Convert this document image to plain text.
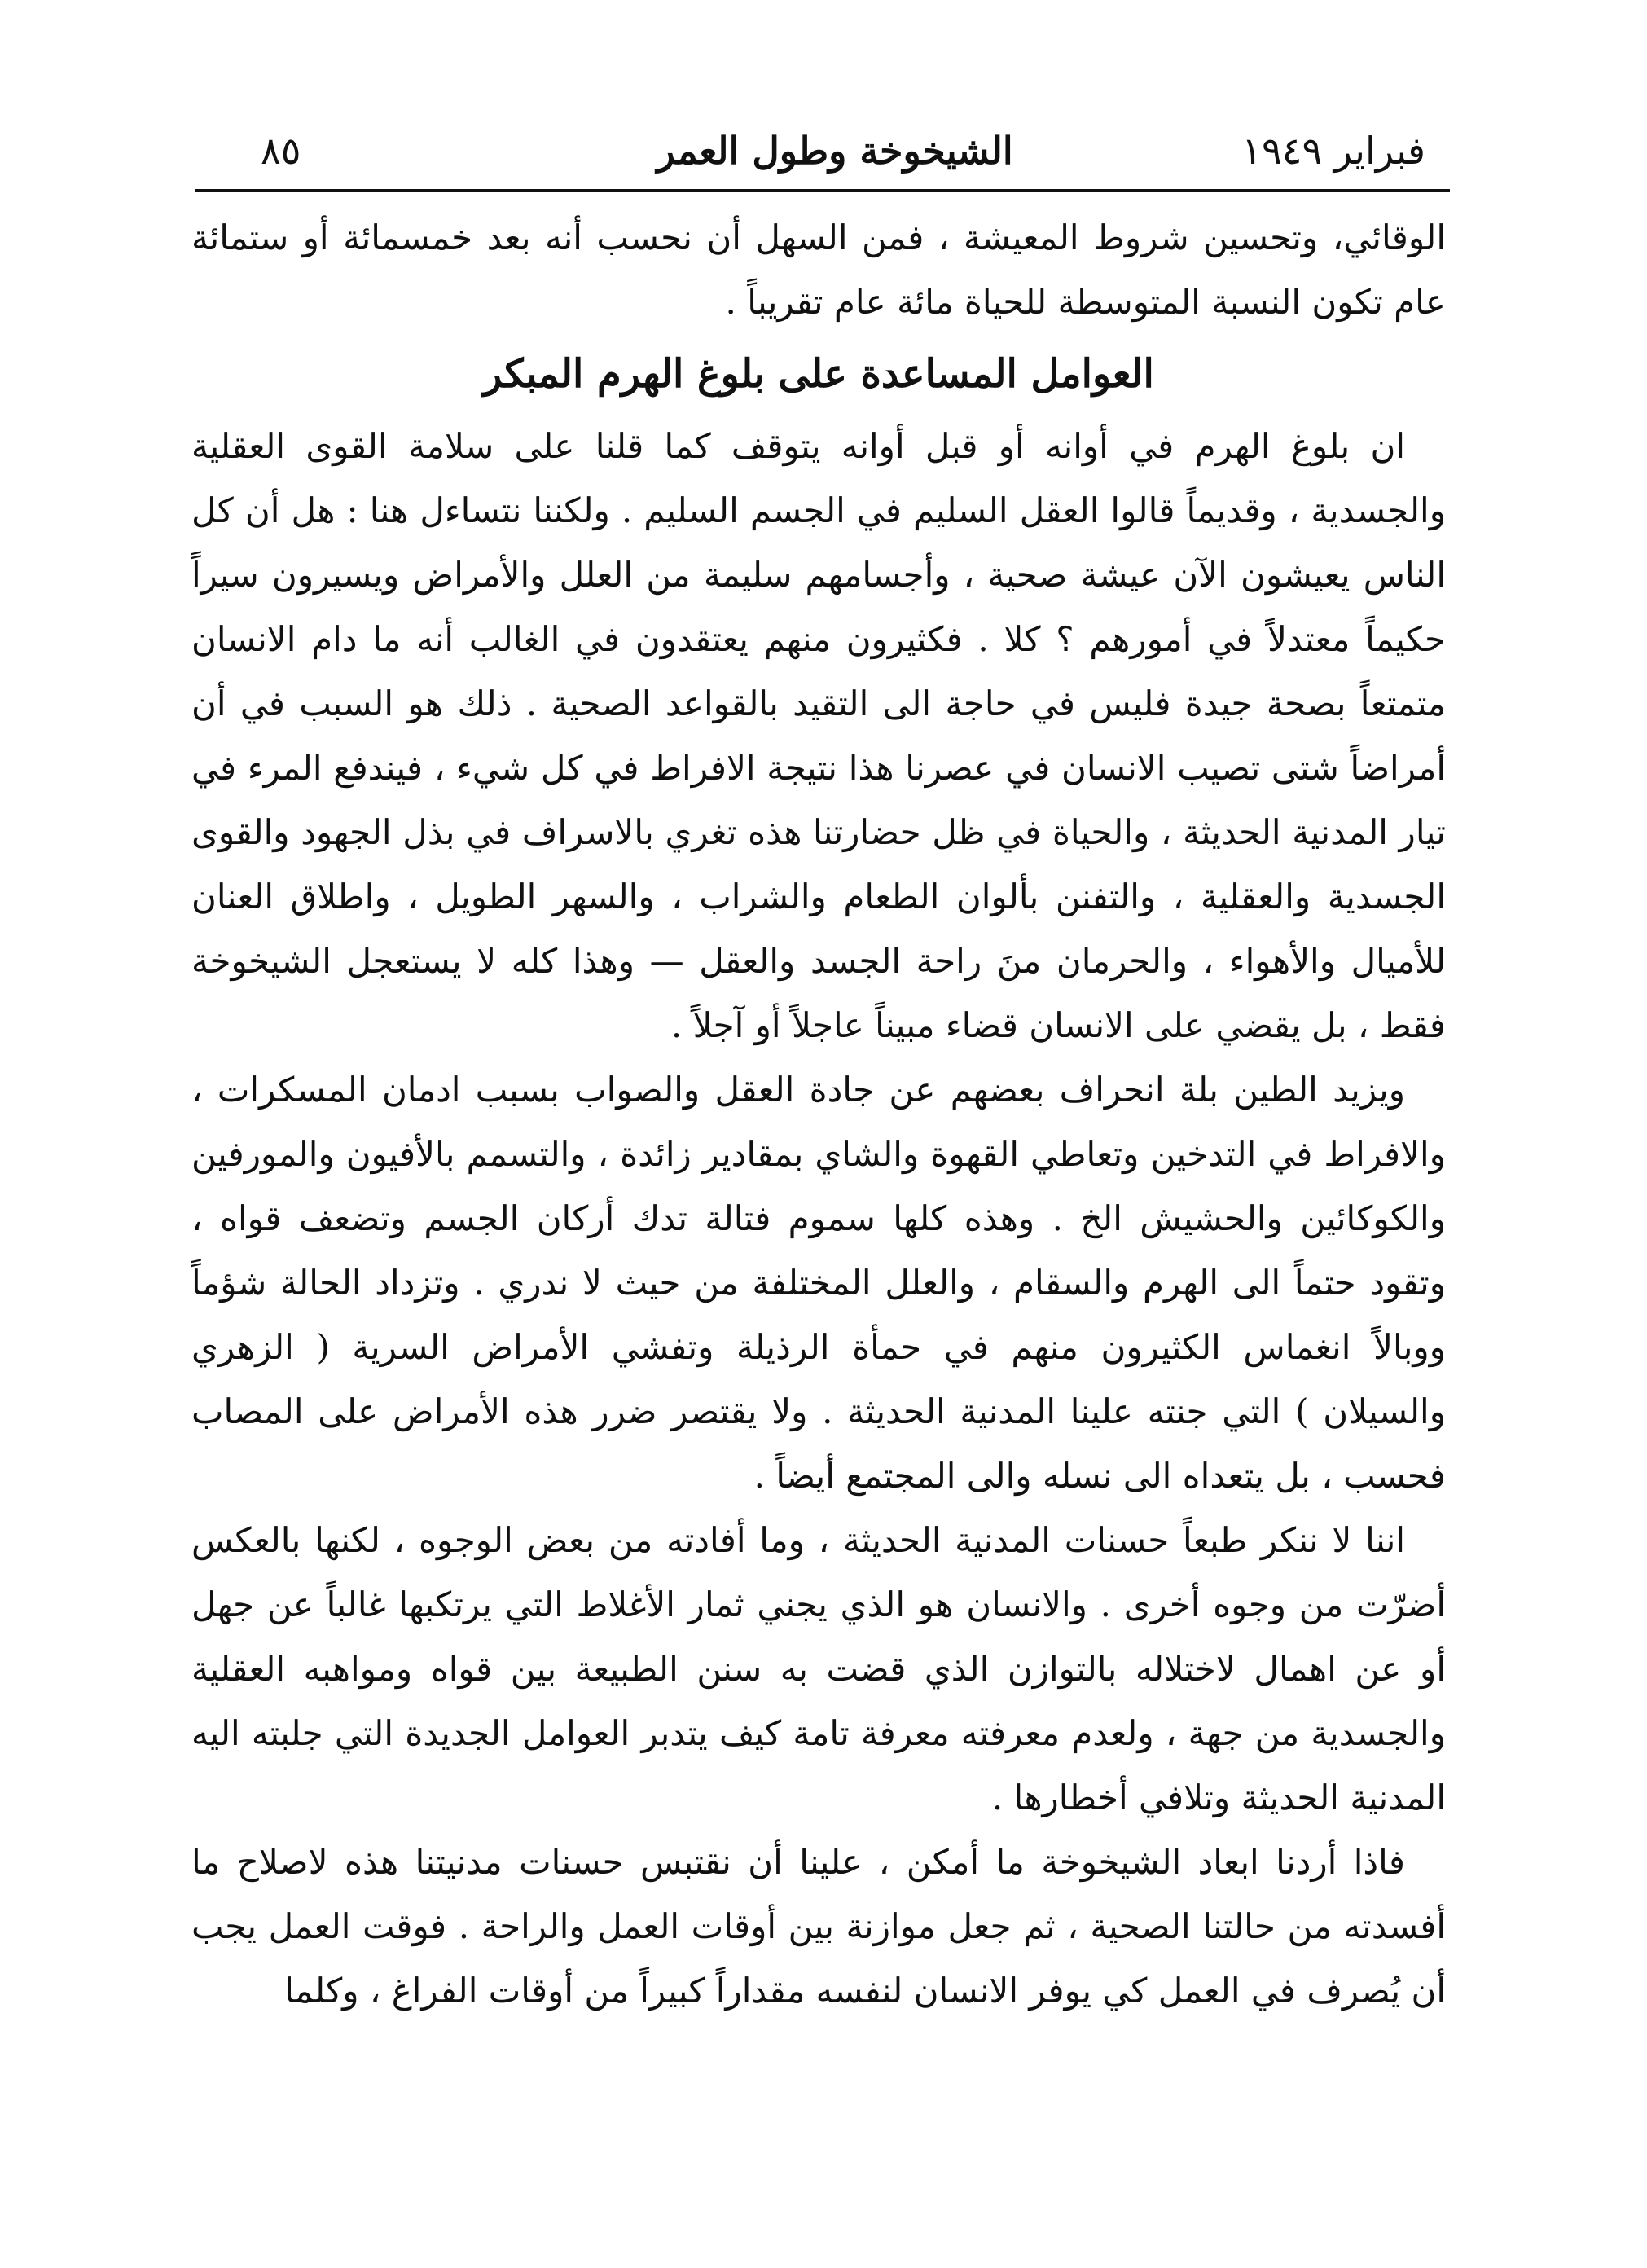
فبراير ١٩٤٩
الشيخوخة وطول العمر
٨٥

الوقائي، وتحسين شروط المعيشة ، فمن السهل أن نحسب أنه بعد خمسمائة أو ستمائة عام تكون النسبة المتوسطة للحياة مائة عام تقريباً .

العوامل المساعدة على بلوغ الهرم المبكر

ان بلوغ الهرم في أوانه أو قبل أوانه يتوقف كما قلنا على سلامة القوى العقلية والجسدية ، وقديماً قالوا العقل السليم في الجسم السليم . ولكننا نتساءل هنا : هل أن كل الناس يعيشون الآن عيشة صحية ، وأجسامهم سليمة من العلل والأمراض ويسيرون سيراً حكيماً معتدلاً في أمورهم ؟ كلا . فكثيرون منهم يعتقدون في الغالب أنه ما دام الانسان متمتعاً بصحة جيدة فليس في حاجة الى التقيد بالقواعد الصحية . ذلك هو السبب في أن أمراضاً شتى تصيب الانسان في عصرنا هذا نتيجة الافراط في كل شيء ، فيندفع المرء في تيار المدنية الحديثة ، والحياة في ظل حضارتنا هذه تغري بالاسراف في بذل الجهود والقوى الجسدية والعقلية ، والتفنن بألوان الطعام والشراب ، والسهر الطويل ، واطلاق العنان للأميال والأهواء ، والحرمان منَ راحة الجسد والعقل — وهذا كله لا يستعجل الشيخوخة فقط ، بل يقضي على الانسان قضاء مبيناً عاجلاً أو آجلاً .

ويزيد الطين بلة انحراف بعضهم عن جادة العقل والصواب بسبب ادمان المسكرات ، والافراط في التدخين وتعاطي القهوة والشاي بمقادير زائدة ، والتسمم بالأفيون والمورفين والكوكائين والحشيش الخ . وهذه كلها سموم فتالة تدك أركان الجسم وتضعف قواه ، وتقود حتماً الى الهرم والسقام ، والعلل المختلفة من حيث لا ندري . وتزداد الحالة شؤماً ووبالاً انغماس الكثيرون منهم في حمأة الرذيلة وتفشي الأمراض السرية ( الزهري والسيلان ) التي جنته علينا المدنية الحديثة . ولا يقتصر ضرر هذه الأمراض على المصاب فحسب ، بل يتعداه الى نسله والى المجتمع أيضاً .

اننا لا ننكر طبعاً حسنات المدنية الحديثة ، وما أفادته من بعض الوجوه ، لكنها بالعكس أضرّت من وجوه أخرى . والانسان هو الذي يجني ثمار الأغلاط التي يرتكبها غالباً عن جهل أو عن اهمال لاختلاله بالتوازن الذي قضت به سنن الطبيعة بين قواه ومواهبه العقلية والجسدية من جهة ، ولعدم معرفته معرفة تامة كيف يتدبر العوامل الجديدة التي جلبته اليه المدنية الحديثة وتلافي أخطارها .

فاذا أردنا ابعاد الشيخوخة ما أمكن ، علينا أن نقتبس حسنات مدنيتنا هذه لاصلاح ما أفسدته من حالتنا الصحية ، ثم جعل موازنة بين أوقات العمل والراحة . فوقت العمل يجب أن يُصرف في العمل كي يوفر الانسان لنفسه مقداراً كبيراً من أوقات الفراغ ، وكلما
